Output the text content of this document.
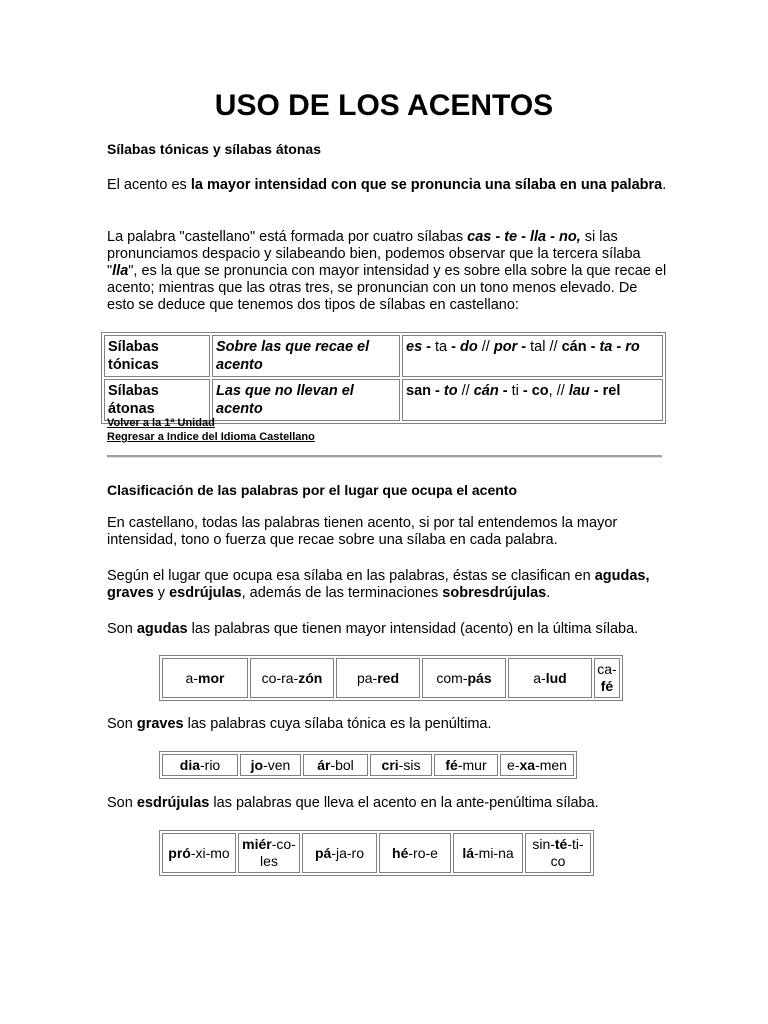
USO DE LOS ACENTOS
Sílabas tónicas y sílabas átonas
El acento es la mayor intensidad con que se pronuncia una sílaba en una palabra.
La palabra "castellano" está formada por cuatro sílabas cas - te - lla - no, si las pronunciamos despacio y silabeando bien, podemos observar que la tercera sílaba "lla", es la que se pronuncia con mayor intensidad y es sobre ella sobre la que recae el acento; mientras que las otras tres, se pronuncian con un tono menos elevado. De esto se deduce que tenemos dos tipos de sílabas en castellano:
Sílabas tónicas	Sobre las que recae el acento	es - ta - do // por - tal // cán - ta - ro
Sílabas átonas	Las que no llevan el acento	san - to // cán - ti - co, // lau - rel
Volver a la 1ª Unidad
Regresar a Indice del Idioma Castellano
Clasificación de las palabras por el lugar que ocupa el acento
En castellano, todas las palabras tienen acento, si por tal entendemos la mayor intensidad, tono o fuerza que recae sobre una sílaba en cada palabra.
Según el lugar que ocupa esa sílaba en las palabras, éstas se clasifican en agudas, graves y esdrújulas, además de las terminaciones sobresdrújulas.
Son agudas las palabras que tienen mayor intensidad (acento) en la última sílaba.
a-mor	co-ra-zón	pa-red	com-pás	a-lud	ca-fé
Son graves las palabras cuya sílaba tónica es la penúltima.
dia-rio	jo-ven	ár-bol	cri-sis	fé-mur	e-xa-men
Son esdrújulas las palabras que lleva el acento en la ante-penúltima sílaba.
pró-xi-mo	miér-co-les	pá-ja-ro	hé-ro-e	lá-mi-na	sin-té-ti-co
